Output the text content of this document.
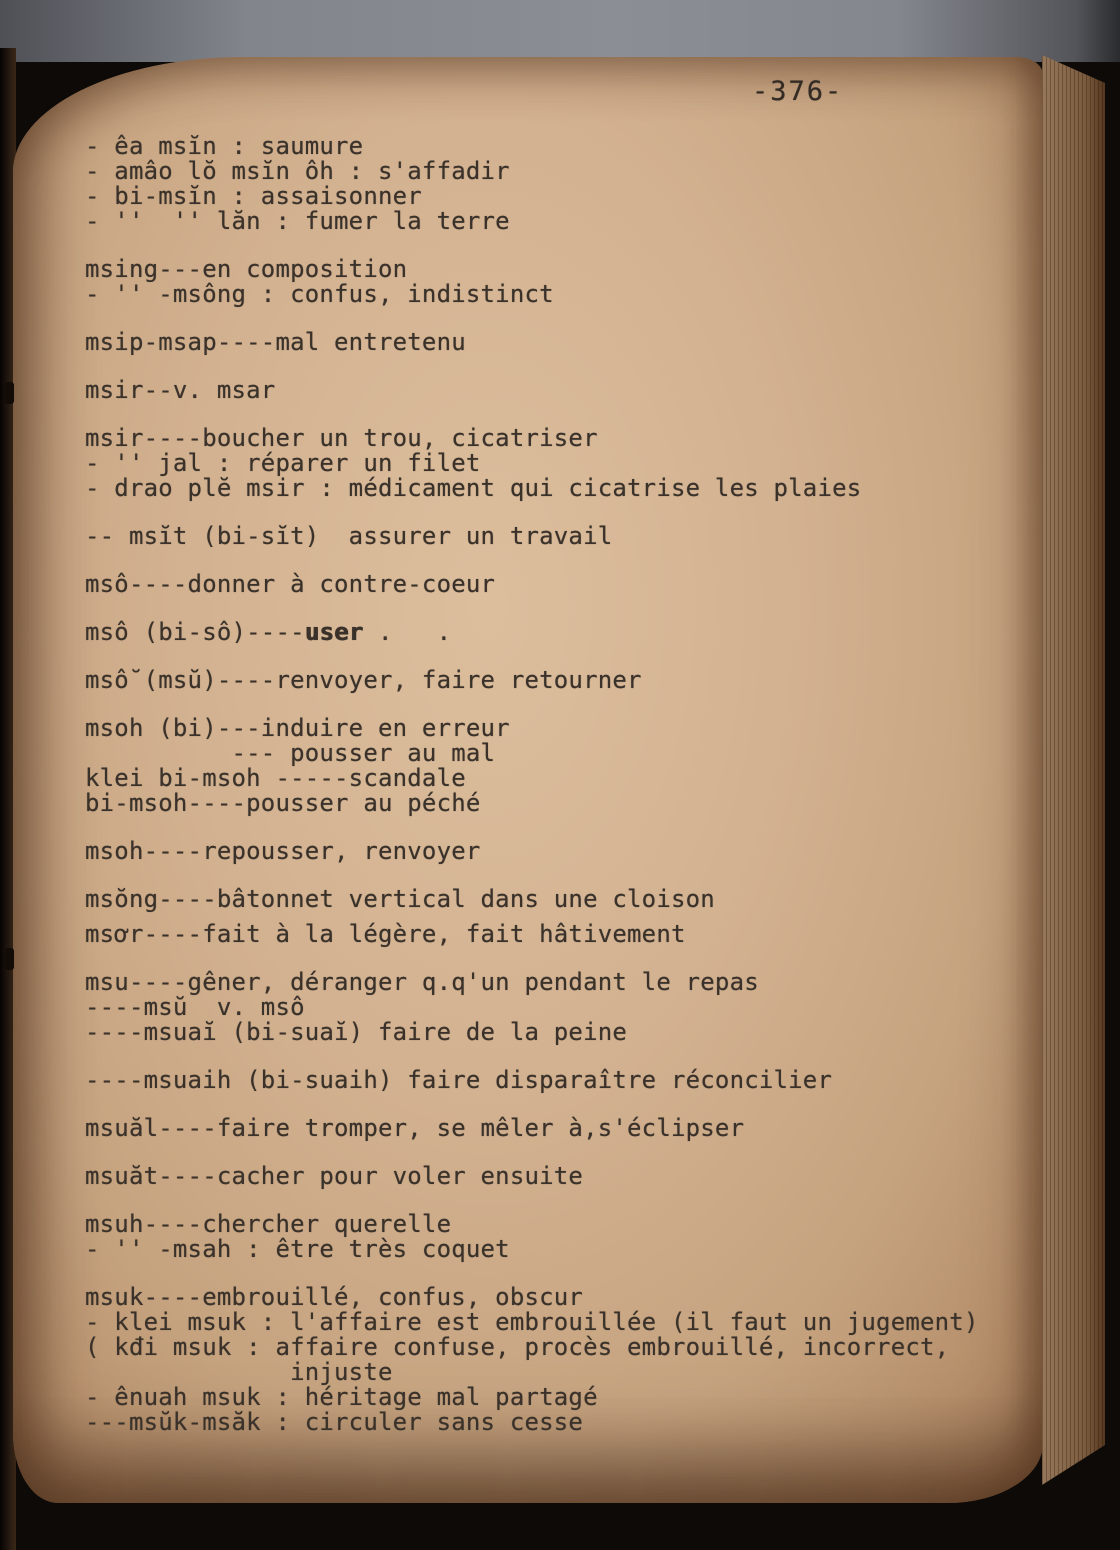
-376-
- êa msĭn : saumure
- amâo lŏ msĭn ôh : s'affadir
- bi-msĭn : assaisonner
- ''  '' lăn : fumer la terre
msing---en composition
- '' -msông : confus, indistinct
msip-msap----mal entretenu
msir--v. msar
msir----boucher un trou, cicatriser
- '' jal : réparer un filet
- drao plĕ msir : médicament qui cicatrise les plaies
-- msĭt (bi-sĭt)  assurer un travail
msô----donner à contre-coeur
msô (bi-sô)----user .   .
msô̆ (msŭ)----renvoyer, faire retourner
msoh (bi)---induire en erreur
--- pousser au mal
klei bi-msoh -----scandale
bi-msoh----pousser au péché
msoh----repousser, renvoyer
msŏng----bâtonnet vertical dans une cloison
msơr----fait à la légère, fait hâtivement
msu----gêner, déranger q.q'un pendant le repas
----msŭ  v. msô
----msuaĭ (bi-suaĭ) faire de la peine
----msuaih (bi-suaih) faire disparaître réconcilier
msuăl----faire tromper, se mêler à,s'éclipser
msuăt----cacher pour voler ensuite
msuh----chercher querelle
- '' -msah : être très coquet
msuk----embrouillé, confus, obscur
- klei msuk : l'affaire est embrouillée (il faut un jugement)
( kđi msuk : affaire confuse, procès embrouillé, incorrect,
injuste
- ênuah msuk : héritage mal partagé
---msŭk-msăk : circuler sans cesse
